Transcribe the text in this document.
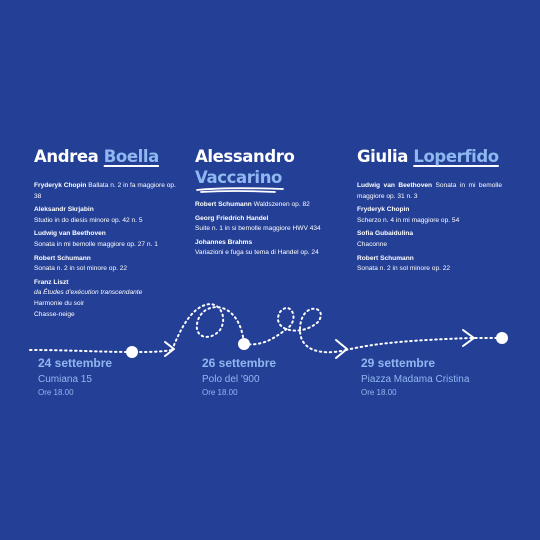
Andrea Boella
Fryderyk Chopin Ballata n. 2 in fa maggiore op. 38
Aleksandr Skrjabin
Studio in do diesis minore op. 42 n. 5
Ludwig van Beethoven
Sonata in mi bemolle maggiore op. 27 n. 1
Robert Schumann
Sonata n. 2 in sol minore op. 22
Franz Liszt
da Études d'exécution transcendante
Harmonie du soir
Chasse-neige
Alessandro
Vaccarino
Robert Schumann Waldszenen op. 82
Georg Friedrich Handel
Suite n. 1 in si bemolle maggiore HWV 434
Johannes Brahms
Variazioni e fuga su tema di Handel op. 24
Giulia Loperfido
Ludwig van Beethoven Sonata in mi bemolle maggiore op. 31 n. 3
Fryderyk Chopin
Scherzo n. 4 in mi maggiore op. 54
Sofia Gubaidulina
Chaconne
Robert Schumann
Sonata n. 2 in sol minore op. 22
24 settembre
Cumiana 15
Ore 18.00
26 settembre
Polo del '900
Ore 18.00
29 settembre
Piazza Madama Cristina
Ore 18.00
